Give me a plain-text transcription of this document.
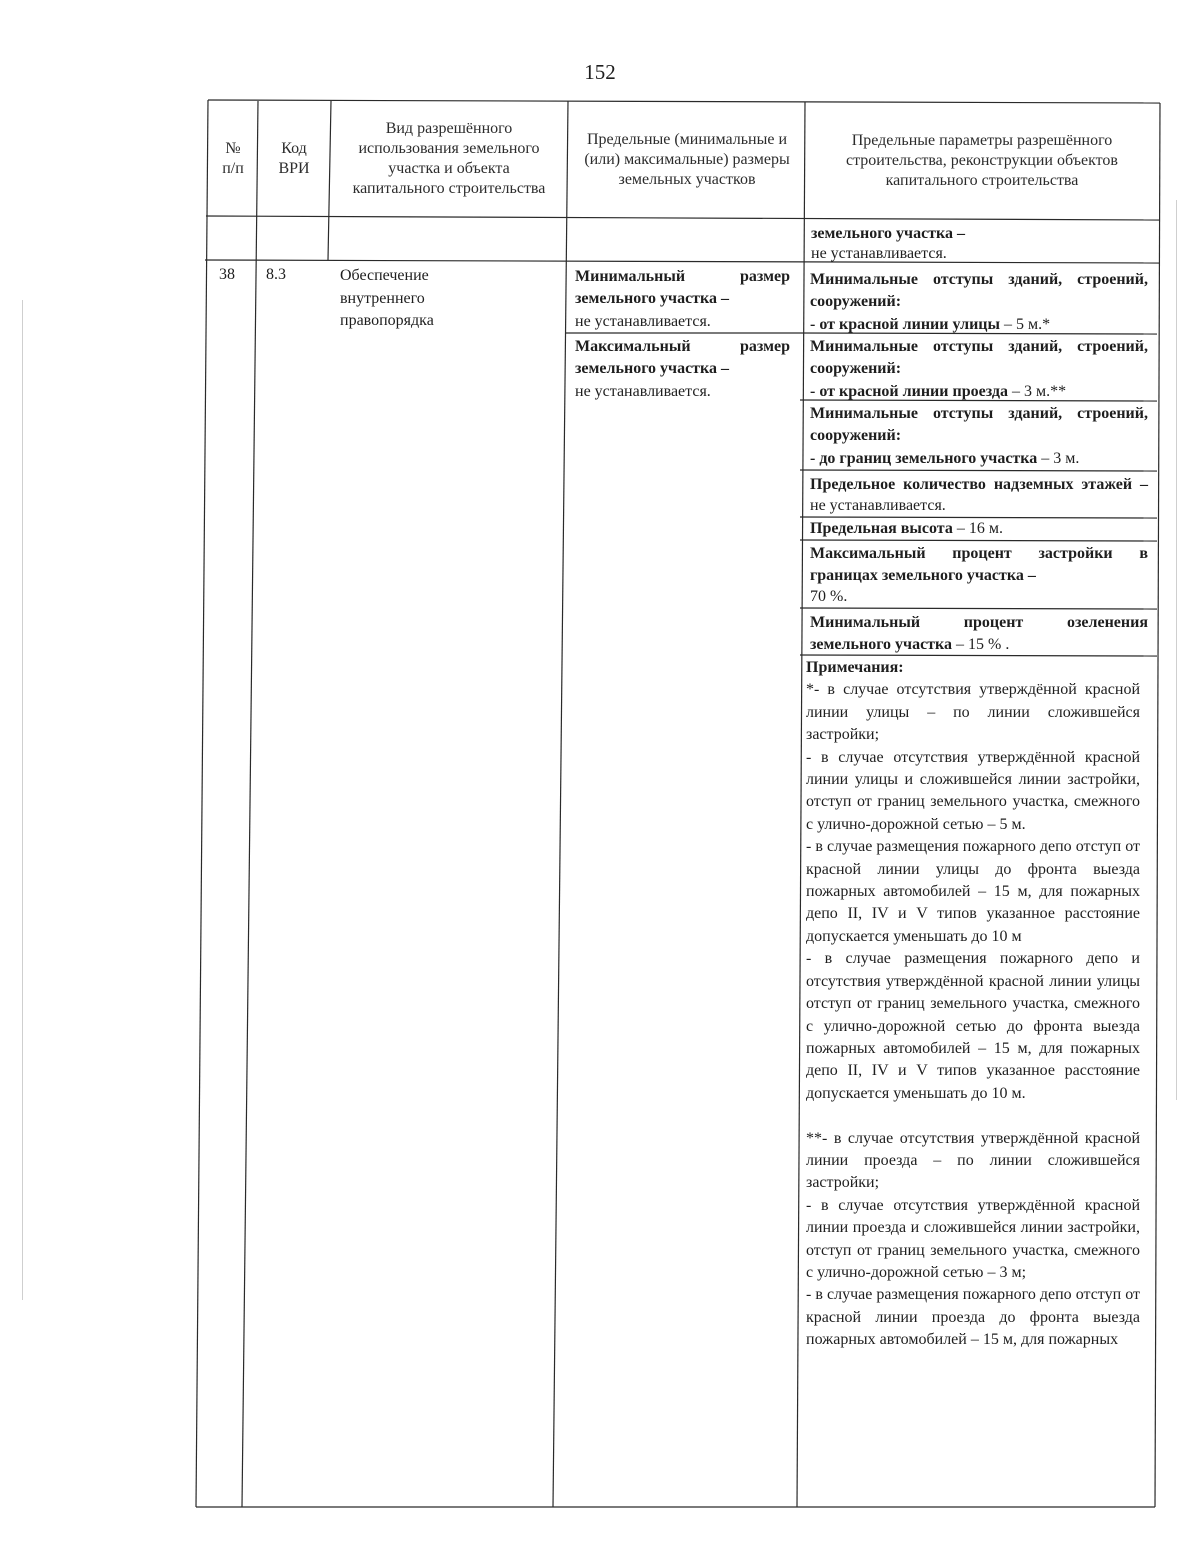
152
№
п/п
Код
ВРИ
Вид разрешённого использования земельного участка и объекта капитального строительства
Предельные (минимальные и (или) максимальные) размеры земельных участков
Предельные параметры разрешённого строительства, реконструкции объектов капитального строительства
земельного участка –
не устанавливается.
38 8.3	Обеспечение
внутреннего
правопорядка
Минимальный размер земельного участка –
не устанавливается.
Максимальный размер земельного участка –
не устанавливается.
Минимальные отступы зданий, строений, сооружений:
- от красной линии улицы – 5 м.*
Минимальные отступы зданий, строений, сооружений:
- от красной линии проезда – 3 м.**
Минимальные отступы зданий, строений, сооружений:
- до границ земельного участка – 3 м.
Предельное количество надземных этажей – не устанавливается.
Предельная высота – 16 м.
Максимальный процент застройки в границах земельного участка –
70 %.
Минимальный процент озеленения земельного участка – 15 % .

Примечания:

*- в случае отсутствия утверждённой красной линии улицы – по линии сложившейся застройки;

- в случае отсутствия утверждённой красной линии улицы и сложившейся линии застройки, отступ от границ земельного участка, смежного с улично-дорожной сетью – 5 м.

- в случае размещения пожарного депо отступ от красной линии улицы до фронта выезда пожарных автомобилей – 15 м, для пожарных депо II, IV и V типов указанное расстояние допускается уменьшать до 10 м

- в случае размещения пожарного депо и отсутствия утверждённой красной линии улицы отступ от границ земельного участка, смежного с улично-дорожной сетью до фронта выезда пожарных автомобилей – 15 м, для пожарных депо II, IV и V типов указанное расстояние допускается уменьшать до 10 м.

**- в случае отсутствия утверждённой красной линии проезда – по линии сложившейся застройки;

- в случае отсутствия утверждённой красной линии проезда и сложившейся линии застройки, отступ от границ земельного участка, смежного с улично-дорожной сетью – 3 м;

- в случае размещения пожарного депо отступ от красной линии проезда до фронта выезда пожарных автомобилей – 15 м, для пожарных
